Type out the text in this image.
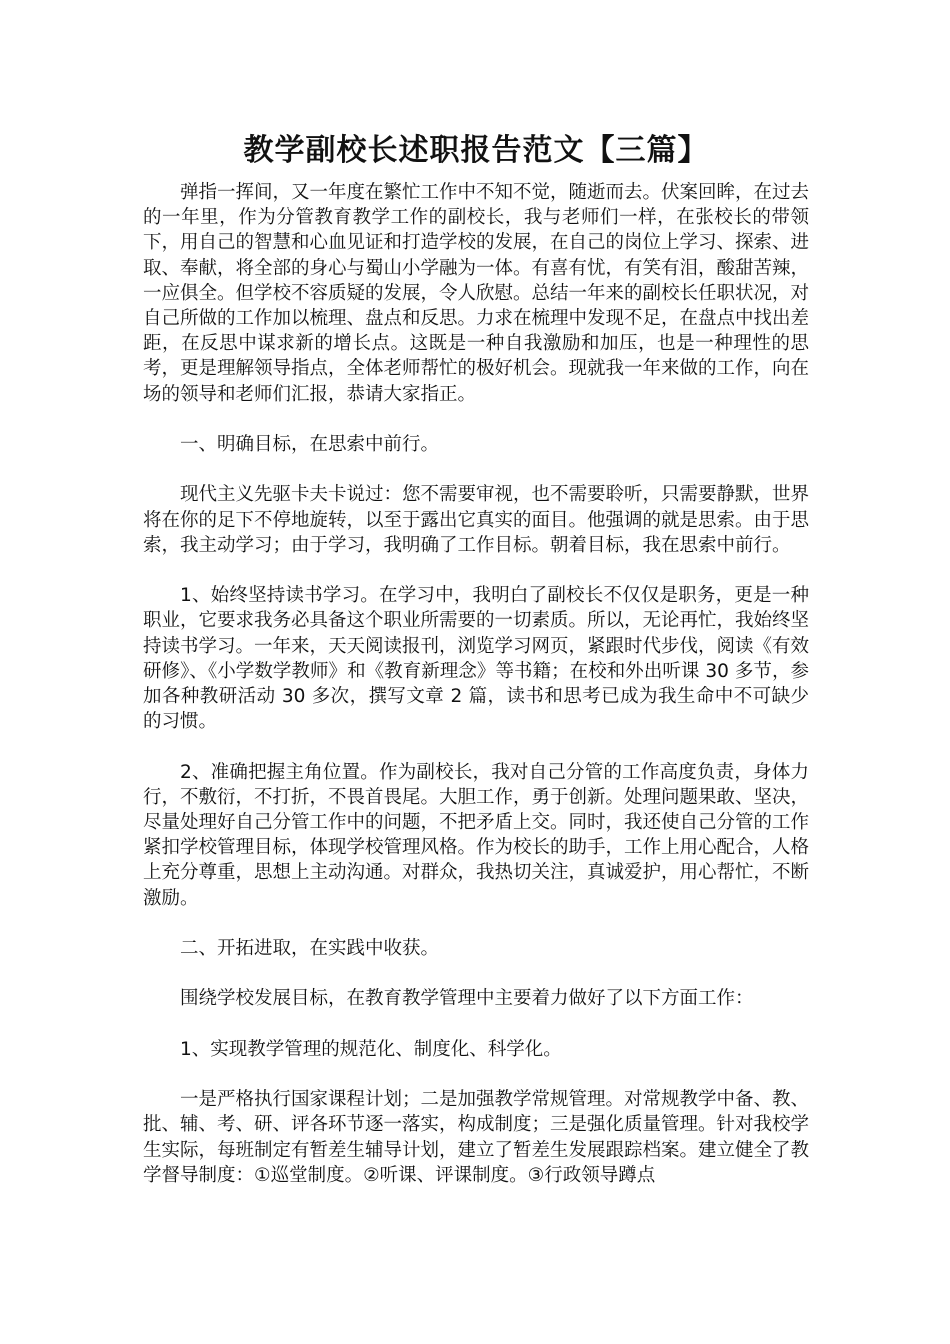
教学副校长述职报告范文【三篇】

弹指一挥间，又一年度在繁忙工作中不知不觉，随逝而去。伏案回眸，在过去的一年里，作为分管教育教学工作的副校长，我与老师们一样，在张校长的带领下，用自己的智慧和心血见证和打造学校的发展，在自己的岗位上学习、探索、进取、奉献，将全部的身心与蜀山小学融为一体。有喜有忧，有笑有泪，酸甜苦辣，一应俱全。但学校不容质疑的发展，令人欣慰。总结一年来的副校长任职状况，对自己所做的工作加以梳理、盘点和反思。力求在梳理中发现不足，在盘点中找出差距，在反思中谋求新的增长点。这既是一种自我激励和加压，也是一种理性的思考，更是理解领导指点，全体老师帮忙的极好机会。现就我一年来做的工作，向在场的领导和老师们汇报，恭请大家指正。

一、明确目标，在思索中前行。

现代主义先驱卡夫卡说过：您不需要审视，也不需要聆听，只需要静默，世界将在你的足下不停地旋转，以至于露出它真实的面目。他强调的就是思索。由于思索，我主动学习；由于学习，我明确了工作目标。朝着目标，我在思索中前行。

1、始终坚持读书学习。在学习中，我明白了副校长不仅仅是职务，更是一种职业，它要求我务必具备这个职业所需要的一切素质。所以，无论再忙，我始终坚持读书学习。一年来，天天阅读报刊，浏览学习网页，紧跟时代步伐，阅读《有效研修》、《小学数学教师》和《教育新理念》等书籍；在校和外出听课 30 多节，参加各种教研活动 30 多次，撰写文章 2 篇，读书和思考已成为我生命中不可缺少的习惯。

2、准确把握主角位置。作为副校长，我对自己分管的工作高度负责，身体力行，不敷衍，不打折，不畏首畏尾。大胆工作，勇于创新。处理问题果敢、坚决，尽量处理好自己分管工作中的问题，不把矛盾上交。同时，我还使自己分管的工作紧扣学校管理目标，体现学校管理风格。作为校长的助手，工作上用心配合，人格上充分尊重，思想上主动沟通。对群众，我热切关注，真诚爱护，用心帮忙，不断激励。

二、开拓进取，在实践中收获。

围绕学校发展目标，在教育教学管理中主要着力做好了以下方面工作：

1、实现教学管理的规范化、制度化、科学化。

一是严格执行国家课程计划；二是加强教学常规管理。对常规教学中备、教、批、辅、考、研、评各环节逐一落实，构成制度；三是强化质量管理。针对我校学生实际，每班制定有暂差生辅导计划，建立了暂差生发展跟踪档案。建立健全了教学督导制度：①巡堂制度。②听课、评课制度。③行政领导蹲点
